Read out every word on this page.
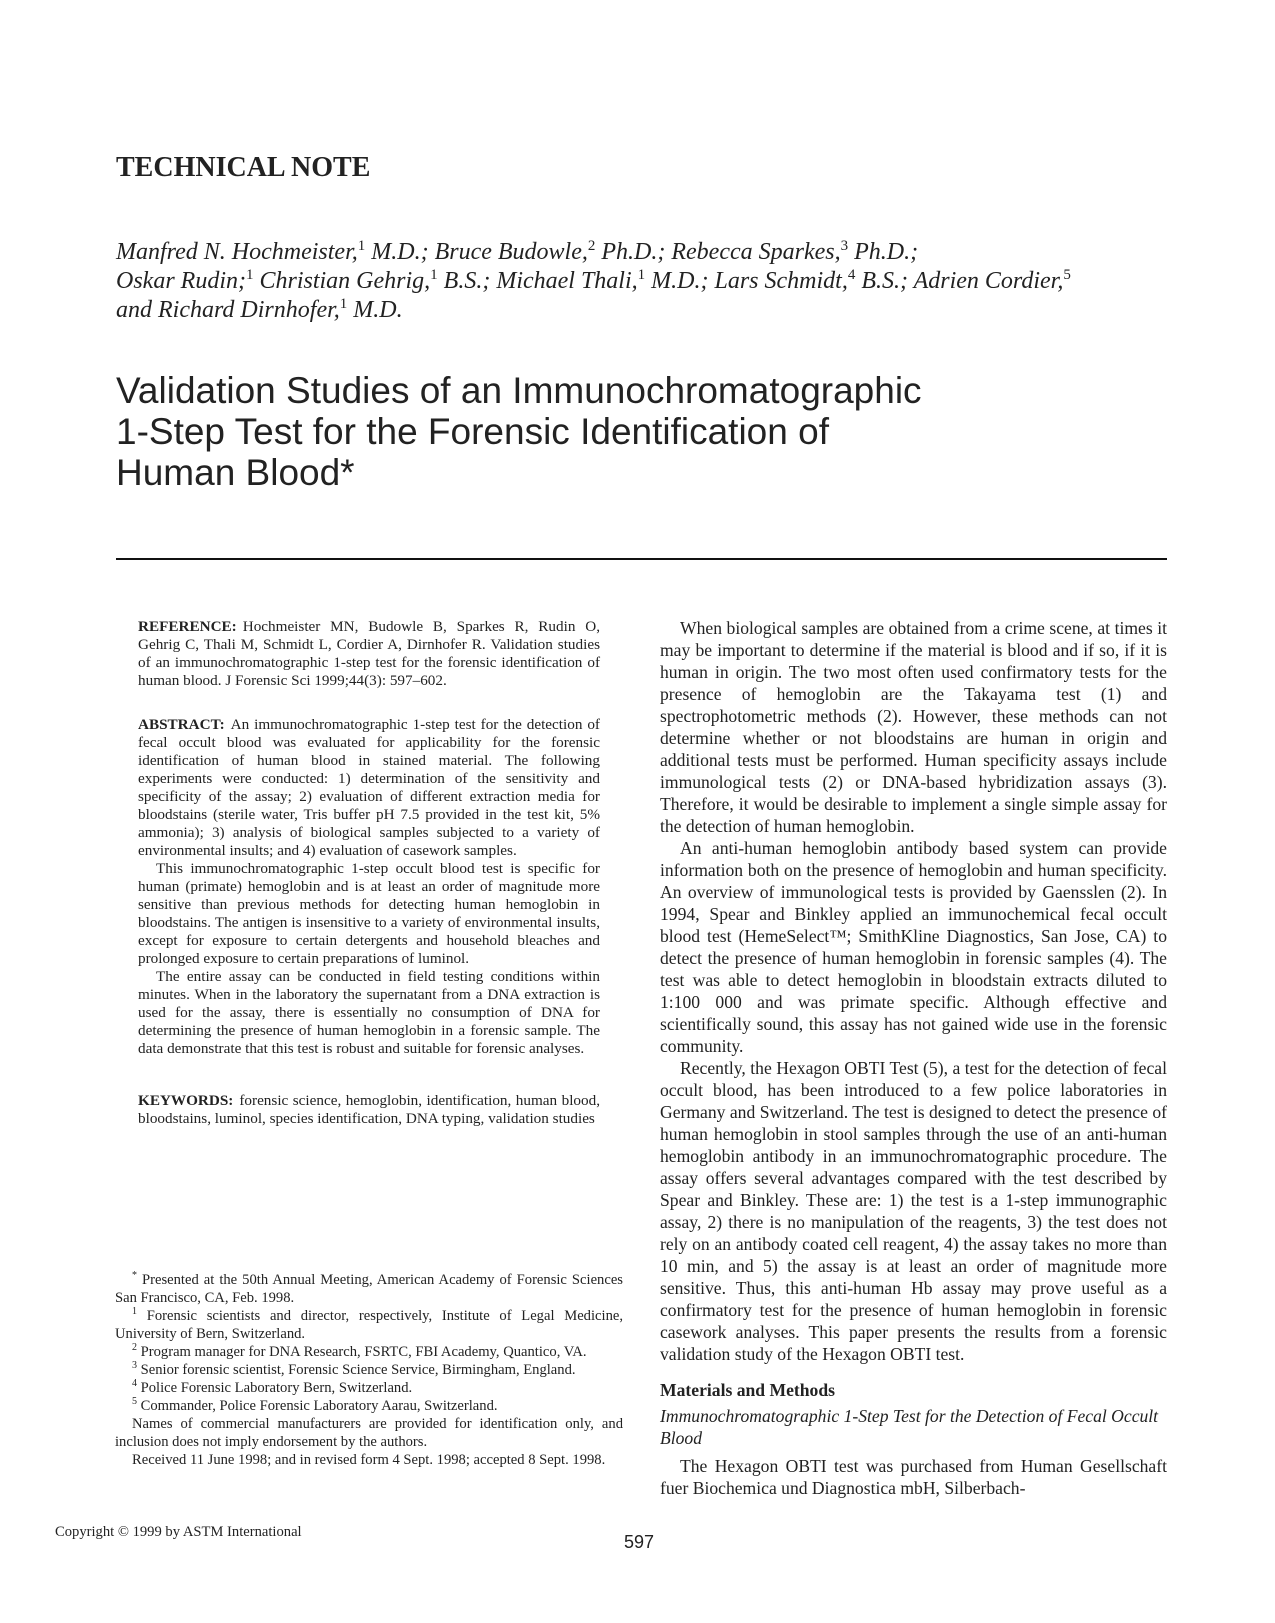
TECHNICAL NOTE
Manfred N. Hochmeister,$^1$ M.D.; Bruce Budowle,$^2$ Ph.D.; Rebecca Sparkes,$^3$ Ph.D.;
Oskar Rudin;$^1$ Christian Gehrig,$^1$ B.S.; Michael Thali,$^1$ M.D.; Lars Schmidt,$^4$ B.S.; Adrien Cordier,$^5$
and Richard Dirnhofer,$^1$ M.D.
Validation Studies of an Immunochromatographic
1-Step Test for the Forensic Identification of
Human Blood*

REFERENCE: Hochmeister MN, Budowle B, Sparkes R, Rudin O, Gehrig C, Thali M, Schmidt L, Cordier A, Dirnhofer R. Validation studies of an immunochromatographic 1-step test for the forensic identification of human blood. J Forensic Sci 1999;44(3): 597–602.

ABSTRACT: An immunochromatographic 1-step test for the detection of fecal occult blood was evaluated for applicability for the forensic identification of human blood in stained material. The following experiments were conducted: 1) determination of the sensitivity and specificity of the assay; 2) evaluation of different extraction media for bloodstains (sterile water, Tris buffer pH 7.5 provided in the test kit, 5% ammonia); 3) analysis of biological samples subjected to a variety of environmental insults; and 4) evaluation of casework samples.

This immunochromatographic 1-step occult blood test is specific for human (primate) hemoglobin and is at least an order of magnitude more sensitive than previous methods for detecting human hemoglobin in bloodstains. The antigen is insensitive to a variety of environmental insults, except for exposure to certain detergents and household bleaches and prolonged exposure to certain preparations of luminol.

The entire assay can be conducted in field testing conditions within minutes. When in the laboratory the supernatant from a DNA extraction is used for the assay, there is essentially no consumption of DNA for determining the presence of human hemoglobin in a forensic sample. The data demonstrate that this test is robust and suitable for forensic analyses.

KEYWORDS: forensic science, hemoglobin, identification, human blood, bloodstains, luminol, species identification, DNA typing, validation studies

* Presented at the 50th Annual Meeting, American Academy of Forensic Sciences San Francisco, CA, Feb. 1998.

$^1$ Forensic scientists and director, respectively, Institute of Legal Medicine, University of Bern, Switzerland.

$^2$ Program manager for DNA Research, FSRTC, FBI Academy, Quantico, VA.

$^3$ Senior forensic scientist, Forensic Science Service, Birmingham, England.

$^4$ Police Forensic Laboratory Bern, Switzerland.

$^5$ Commander, Police Forensic Laboratory Aarau, Switzerland.

Names of commercial manufacturers are provided for identification only, and inclusion does not imply endorsement by the authors.

Received 11 June 1998; and in revised form 4 Sept. 1998; accepted 8 Sept. 1998.

When biological samples are obtained from a crime scene, at times it may be important to determine if the material is blood and if so, if it is human in origin. The two most often used confirmatory tests for the presence of hemoglobin are the Takayama test (1) and spectrophotometric methods (2). However, these methods can not determine whether or not bloodstains are human in origin and additional tests must be performed. Human specificity assays include immunological tests (2) or DNA-based hybridization assays (3). Therefore, it would be desirable to implement a single simple assay for the detection of human hemoglobin.

An anti-human hemoglobin antibody based system can provide information both on the presence of hemoglobin and human specificity. An overview of immunological tests is provided by Gaensslen (2). In 1994, Spear and Binkley applied an immunochemical fecal occult blood test (HemeSelect™; SmithKline Diagnostics, San Jose, CA) to detect the presence of human hemoglobin in forensic samples (4). The test was able to detect hemoglobin in bloodstain extracts diluted to 1:100 000 and was primate specific. Although effective and scientifically sound, this assay has not gained wide use in the forensic community.

Recently, the Hexagon OBTI Test (5), a test for the detection of fecal occult blood, has been introduced to a few police laboratories in Germany and Switzerland. The test is designed to detect the presence of human hemoglobin in stool samples through the use of an anti-human hemoglobin antibody in an immunochromatographic procedure. The assay offers several advantages compared with the test described by Spear and Binkley. These are: 1) the test is a 1-step immunographic assay, 2) there is no manipulation of the reagents, 3) the test does not rely on an antibody coated cell reagent, 4) the assay takes no more than 10 min, and 5) the assay is at least an order of magnitude more sensitive. Thus, this anti-human Hb assay may prove useful as a confirmatory test for the presence of human hemoglobin in forensic casework analyses. This paper presents the results from a forensic validation study of the Hexagon OBTI test.

Materials and Methods
Immunochromatographic 1-Step Test for the Detection of Fecal Occult Blood

The Hexagon OBTI test was purchased from Human Gesellschaft fuer Biochemica und Diagnostica mbH, Silberbach-

Copyright © 1999 by ASTM International	597
